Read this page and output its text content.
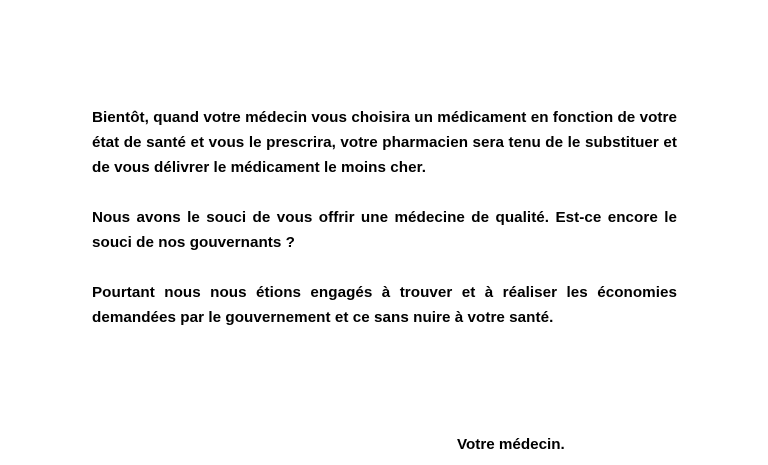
Bientôt, quand votre médecin vous choisira un médicament en fonction de votre état de santé et vous le prescrira, votre pharmacien sera tenu de le substituer et de vous délivrer le médicament le moins cher.

Nous avons le souci de vous offrir une médecine de qualité. Est-ce encore le souci de nos gouvernants ?

Pourtant nous nous étions engagés à trouver et à réaliser les économies demandées par le gouvernement et ce sans nuire à votre santé.

Votre médecin.
